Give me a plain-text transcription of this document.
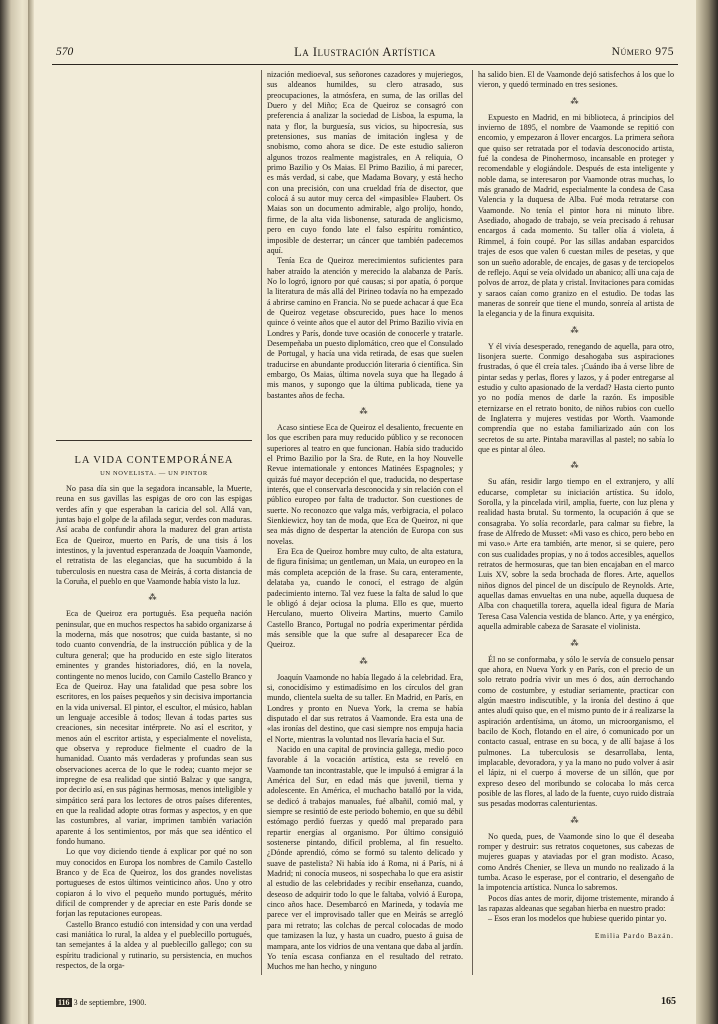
570	La Ilustración Artística	Número 975
LA VIDA CONTEMPORÁNEA
UN NOVELISTA. — UN PINTOR

No pasa día sin que la segadora incansable, la Muerte, reuna en sus gavillas las espigas de oro con las espigas verdes afín y que esperaban la caricia del sol. Allá van, juntas bajo el golpe de la afilada segur, verdes con maduras. Así acaba de confundir ahora la madurez del gran artista Eca de Queiroz, muerto en París, de una tisis á los intestinos, y la juventud esperanzada de Joaquín Vaamonde, el retratista de las elegancias, que ha sucumbido á la tuberculosis en nuestra casa de Meirás, á corta distancia de la Coruña, el pueblo en que Vaamonde había visto la luz.

⁂

Eca de Queiroz era portugués. Esa pequeña nación peninsular, que en muchos respectos ha sabido organizarse á la moderna, más que nosotros; que cuida bastante, si no todo cuanto convendría, de la instrucción pública y de la cultura general; que ha producido en este siglo literatos eminentes y grandes historiadores, dió, en la novela, contingente no menos lucido, con Camilo Castello Branco y Eca de Queiroz. Hay una fatalidad que pesa sobre los escritores, en los países pequeños y sin decisiva importancia en la vida universal. El pintor, el escultor, el músico, hablan un lenguaje accesible á todos; llevan á todas partes sus creaciones, sin necesitar intérprete. No así el escritor, y menos aún el escritor artista, y especialmente el novelista, que observa y reproduce fielmente el cuadro de la humanidad. Cuanto más verdaderas y profundas sean sus observaciones acerca de lo que le rodea; cuanto mejor se impregne de esa realidad que sintió Balzac y que sangra, por decirlo así, en sus páginas hermosas, menos inteligible y simpático será para los lectores de otros países diferentes, en que la realidad adopte otras formas y aspectos, y en que las costumbres, al variar, imprimen también variación aparente á los sentimientos, por más que sea idéntico el fondo humano.

Lo que voy diciendo tiende á explicar por qué no son muy conocidos en Europa los nombres de Camilo Castello Branco y de Eca de Queiroz, los dos grandes novelistas portugueses de estos últimos veinticinco años. Uno y otro copiaron á lo vivo el pequeño mundo portugués, mérito difícil de comprender y de apreciar en este París donde se forjan las reputaciones europeas.

Castello Branco estudió con intensidad y con una verdad casi maniática lo rural, la aldea y el pueblecillo portugués, tan semejantes á la aldea y al pueblecillo gallego; con su espíritu tradicional y rutinario, su persistencia, en muchos respectos, de la orga-

nización medioeval, sus señorones cazadores y mujeriegos, sus aldeanos humildes, su clero atrasado, sus preocupaciones, la atmósfera, en suma, de las orillas del Duero y del Miño; Eca de Queiroz se consagró con preferencia á analizar la sociedad de Lisboa, la espuma, la nata y flor, la burguesía, sus vicios, su hipocresía, sus pretensiones, sus manías de imitación inglesa y de snobismo, como ahora se dice. De este estudio salieron algunos trozos realmente magistrales, en A reliquia, O primo Bazilio y Os Maias. El Primo Bazilio, á mi parecer, es más verdad, si cabe, que Madama Bovary, y está hecho con una precisión, con una crueldad fría de disector, que colocá á su autor muy cerca del «impasible» Flaubert. Os Maias son un documento admirable, algo prolijo, hondo, firme, de la alta vida lisbonense, saturada de anglicismo, pero en cuyo fondo late el falso espíritu romántico, imposible de desterrar; un cáncer que también padecemos aquí.

Tenía Eca de Queiroz merecimientos suficientes para haber atraído la atención y merecido la alabanza de París. No lo logró, ignoro por qué causas; si por apatía, ó porque la literatura de más allá del Pirineo todavía no ha empezado á abrirse camino en Francia. No se puede achacar á que Eca de Queiroz vegetase obscurecido, pues hace lo menos quince ó veinte años que el autor del Primo Bazilio vivía en Londres y París, donde tuve ocasión de conocerle y tratarle. Desempeñaba un puesto diplomático, creo que el Consulado de Portugal, y hacía una vida retirada, de esas que suelen traducirse en abundante producción literaria ó científica. Sin embargo, Os Maias, última novela suya que ha llegado á mis manos, y supongo que la última publicada, tiene ya bastantes años de fecha.

⁂

Acaso sintiese Eca de Queiroz el desaliento, frecuente en los que escriben para muy reducido público y se reconocen superiores al teatro en que funcionan. Había sido traducido el Primo Bazilio por la Sra. de Rute, en la hoy Nouvelle Revue internationale y entonces Matinées Espagnoles; y quizás fué mayor decepción el que, traducida, no despertase interés, que el conservarla desconocida y sin relación con el público europeo por falta de traductor. Son cuestiones de suerte. No reconozco que valga más, verbigracia, el polaco Sienkiewicz, hoy tan de moda, que Eca de Queiroz, ni que sea más digno de despertar la atención de Europa con sus novelas.

Era Eca de Queiroz hombre muy culto, de alta estatura, de figura finísima; un gentleman, un Maia, un europeo en la más completa acepción de la frase. Su cara, enteramente, delataba ya, cuando le conocí, el estrago de algún padecimiento interno. Tal vez fuese la falta de salud lo que le obligó á dejar ociosa la pluma. Ello es que, muerto Herculano, muerto Oliveira Martins, muerto Camilo Castello Branco, Portugal no podría experimentar pérdida más sensible que la que sufre al desaparecer Eca de Queiroz.

⁂

Joaquín Vaamonde no había llegado á la celebridad. Era, si, conocidísimo y estimadísimo en los círculos del gran mundo, clientela suelta de su taller. En Madrid, en París, en Londres y pronto en Nueva York, la crema se había disputado el dar sus retratos á Vaamonde. Era esta una de «las ironías del destino, que casi siempre nos empuja hacia el Norte, mientras la voluntad nos llevaría hacia el Sur.

Nacido en una capital de provincia gallega, medio poco favorable á la vocación artística, esta se reveló en Vaamonde tan incontrastable, que le impulsó á emigrar á la América del Sur, en edad más que juvenil, tierna y adolescente. En América, el muchacho batalló por la vida, se dedicó á trabajos manuales, fué albañil, comió mal, y siempre se resintió de este periodo bohemio, en que su débil estómago perdió fuerzas y quedó mal preparado para repartir energías al organismo. Por último consiguió sostenerse pintando, difícil problema, al fin resuelto. ¿Dónde aprendió, cómo se formó su talento delicado y suave de pastelista? Ni había ido á Roma, ni á París, ni á Madrid; ni conocía museos, ni sospechaba lo que era asistir al estudio de las celebridades y recibir enseñanza, cuando, deseoso de adquirir todo lo que le faltaba, volvió á Europa, cinco años hace. Desembarcó en Marineda, y todavía me parece ver el improvisado taller que en Meirás se arregló para mi retrato; las colchas de percal colocadas de modo que tamizasen la luz, y hasta un cuadro, puesto á guisa de mampara, ante los vidrios de una ventana que daba al jardín. Yo tenía escasa confianza en el resultado del retrato. Muchos me han hecho, y ninguno

ha salido bien. El de Vaamonde dejó satisfechos á los que lo vieron, y quedó terminado en tres sesiones.

⁂

Expuesto en Madrid, en mi biblioteca, á principios del invierno de 1895, el nombre de Vaamonde se repitió con encomio, y empezaron á llover encargos. La primera señora que quiso ser retratada por el todavía desconocido artista, fué la condesa de Pinohermoso, incansable en proteger y recomendable y elogiándole. Después de esta inteligente y noble dama, se interesaron por Vaamonde otras muchas, lo más granado de Madrid, especialmente la condesa de Casa Valencia y la duquesa de Alba. Fué moda retratarse con Vaamonde. No tenía el pintor hora ni minuto libre. Asediado, ahogado de trabajo, se veía precisado á rehusar encargos á cada momento. Su taller olía á violeta, á Rimmel, á foin coupé. Por las sillas andaban esparcidos trajes de esos que valen 6 cuestan miles de pesetas, y que son un sueño adorable, de encajes, de gasas y de terciopelos de reflejo. Aquí se veía olvidado un abanico; allí una caja de polvos de arroz, de plata y cristal. Invitaciones para comidas y saraos caían como granizo en el estudio. De todas las maneras de sonreír que tiene el mundo, sonreía al artista de la elegancia y de la finura exquisita.

⁂

Y él vivía desesperado, renegando de aquella, para otro, lisonjera suerte. Conmigo desahogaba sus aspiraciones frustradas, ó que él creía tales. ¡Cuándo iba á verse libre de pintar sedas y perlas, flores y lazos, y á poder entregarse al estudio y culto apasionado de la verdad? Hasta cierto punto yo no podía menos de darle la razón. Es imposible eternizarse en el retrato bonito, de niños rubios con cuello de Inglaterra y mujeres vestidas por Worth. Vaamonde comprendía que no estaba familiarizado aún con los secretos de su arte. Pintaba maravillas al pastel; no sabía lo que es pintar al óleo.

⁂

Su afán, residir largo tiempo en el extranjero, y allí educarse, completar su iniciación artística. Su ídolo, Sorolla, y la pincelada viril, amplia, fuerte, con luz plena y realidad hasta brutal. Su tormento, la ocupación á que se consagraba. Yo solía recordarle, para calmar su fiebre, la frase de Alfredo de Musset: «Mi vaso es chico, pero bebo en mi vaso.» Arte era también, arte menor, si se quiere, pero con sus cualidades propias, y no á todos accesibles, aquellos retratos de hermosuras, que tan bien encajaban en el marco Luis XV, sobre la seda brochada de flores. Arte, aquellos niños dignos del pincel de un discípulo de Reynolds. Arte, aquellas damas envueltas en una nube, aquella duquesa de Alba con chaquetilla torera, aquella ideal figura de María Teresa Casa Valencia vestida de blanco. Arte, y ya enérgico, aquella admirable cabeza de Sarasate el violinista.

⁂

Él no se conformaba, y sólo le servía de consuelo pensar que ahora, en Nueva York y en París, con el precio de un solo retrato podría vivir un mes ó dos, aún derrochando como de costumbre, y estudiar seriamente, practicar con algún maestro indiscutible, y la ironía del destino á que antes aludí quiso que, en el mismo punto de ir á realizarse la aspiración ardentísima, un átomo, un microorganismo, el bacilo de Koch, flotando en el aire, ó comunicado por un contacto casual, entrase en su boca, y de allí bajase á los pulmones. La tuberculosis se desarrollaba, lenta, implacable, devoradora, y ya la mano no pudo volver á asir el lápiz, ni el cuerpo á moverse de un sillón, que por expreso deseo del moribundo se colocaba lo más cerca posible de las flores, al lado de la fuente, cuyo ruido distraía sus pesadas modorras calenturientas.

⁂

No queda, pues, de Vaamonde sino lo que él deseaba romper y destruir: sus retratos coquetones, sus cabezas de mujeres guapas y ataviadas por el gran modisto. Acaso, como Andrés Chenier, se lleva un mundo no realizado á la tumba. Acaso le esperase, por el contrario, el desengaño de la impotencia artística. Nunca lo sabremos.

Pocos días antes de morir, dijome tristemente, mirando á las rapazas aldeanas que segaban hierba en nuestro prado:

– Esos eran los modelos que hubiese querido pintar yo.

Emilia Pardo Bazán.
116 3 de septiembre, 1900.	165
